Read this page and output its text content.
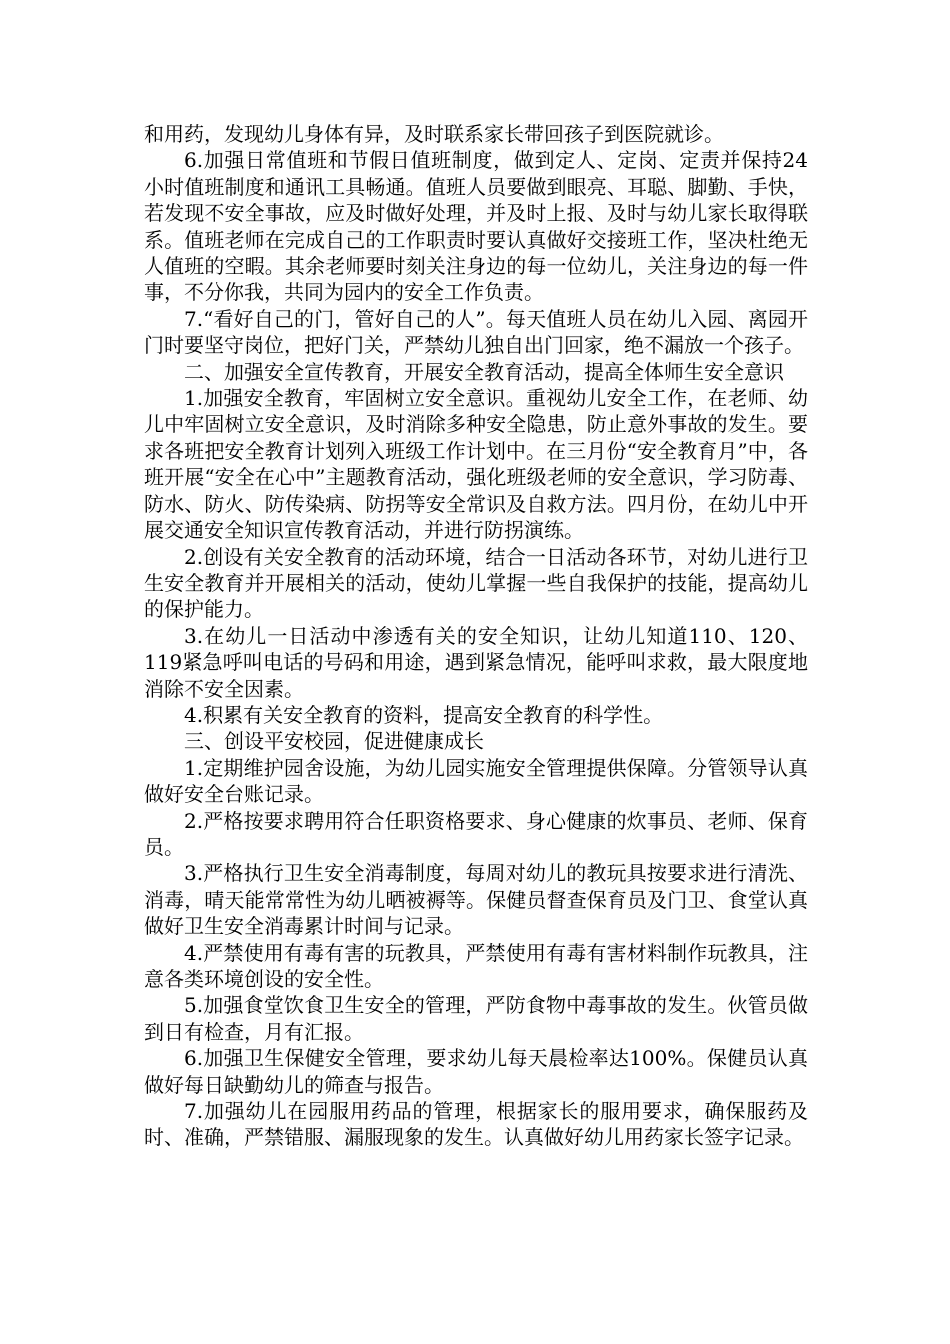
和用药，发现幼儿身体有异，及时联系家长带回孩子到医院就诊。

6.加强日常值班和节假日值班制度，做到定人、定岗、定责并保持24小时值班制度和通讯工具畅通。值班人员要做到眼亮、耳聪、脚勤、手快，若发现不安全事故，应及时做好处理，并及时上报、及时与幼儿家长取得联系。值班老师在完成自己的工作职责时要认真做好交接班工作，坚决杜绝无人值班的空暇。其余老师要时刻关注身边的每一位幼儿，关注身边的每一件事，不分你我，共同为园内的安全工作负责。

7.“看好自己的门，管好自己的人”。每天值班人员在幼儿入园、离园开门时要坚守岗位，把好门关，严禁幼儿独自出门回家，绝不漏放一个孩子。

二、加强安全宣传教育，开展安全教育活动，提高全体师生安全意识

1.加强安全教育，牢固树立安全意识。重视幼儿安全工作，在老师、幼儿中牢固树立安全意识，及时消除多种安全隐患，防止意外事故的发生。要求各班把安全教育计划列入班级工作计划中。在三月份“安全教育月”中，各班开展“安全在心中”主题教育活动，强化班级老师的安全意识，学习防毒、防水、防火、防传染病、防拐等安全常识及自救方法。四月份，在幼儿中开展交通安全知识宣传教育活动，并进行防拐演练。

2.创设有关安全教育的活动环境，结合一日活动各环节，对幼儿进行卫生安全教育并开展相关的活动，使幼儿掌握一些自我保护的技能，提高幼儿的保护能力。

3.在幼儿一日活动中渗透有关的安全知识，让幼儿知道110、120、119紧急呼叫电话的号码和用途，遇到紧急情况，能呼叫求救，最大限度地消除不安全因素。

4.积累有关安全教育的资料，提高安全教育的科学性。

三、创设平安校园，促进健康成长

1.定期维护园舍设施，为幼儿园实施安全管理提供保障。分管领导认真做好安全台账记录。

2.严格按要求聘用符合任职资格要求、身心健康的炊事员、老师、保育员。

3.严格执行卫生安全消毒制度，每周对幼儿的教玩具按要求进行清洗、消毒，晴天能常常性为幼儿晒被褥等。保健员督查保育员及门卫、食堂认真做好卫生安全消毒累计时间与记录。

4.严禁使用有毒有害的玩教具，严禁使用有毒有害材料制作玩教具，注意各类环境创设的安全性。

5.加强食堂饮食卫生安全的管理，严防食物中毒事故的发生。伙管员做到日有检查，月有汇报。

6.加强卫生保健安全管理，要求幼儿每天晨检率达100%。保健员认真做好每日缺勤幼儿的筛查与报告。

7.加强幼儿在园服用药品的管理，根据家长的服用要求，确保服药及时、准确，严禁错服、漏服现象的发生。认真做好幼儿用药家长签字记录。
